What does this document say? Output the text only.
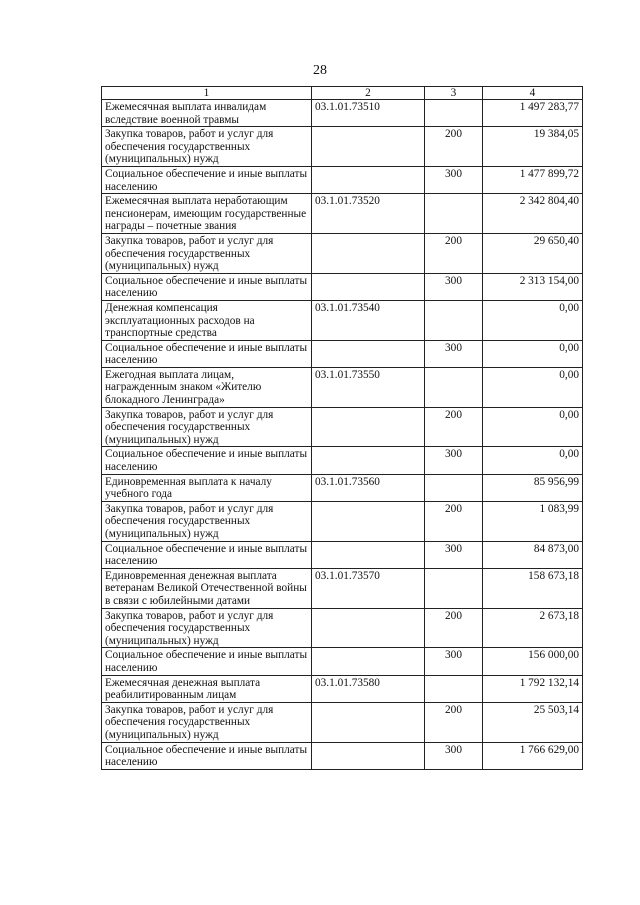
28
1	2	3	4
Ежемесячная выплата инвалидам вследствие военной травмы	03.1.01.73510		1 497 283,77
Закупка товаров, работ и услуг для обеспечения государственных (муниципальных) нужд		200	19 384,05
Социальное обеспечение и иные выплаты населению		300	1 477 899,72
Ежемесячная выплата неработающим пенсионерам, имеющим государственные награды – почетные звания	03.1.01.73520		2 342 804,40
Закупка товаров, работ и услуг для обеспечения государственных (муниципальных) нужд		200	29 650,40
Социальное обеспечение и иные выплаты населению		300	2 313 154,00
Денежная компенсация эксплуатационных расходов на транспортные средства	03.1.01.73540		0,00
Социальное обеспечение и иные выплаты населению		300	0,00
Ежегодная выплата лицам, награжденным знаком «Жителю блокадного Ленинграда»	03.1.01.73550		0,00
Закупка товаров, работ и услуг для обеспечения государственных (муниципальных) нужд		200	0,00
Социальное обеспечение и иные выплаты населению		300	0,00
Единовременная выплата к началу учебного года	03.1.01.73560		85 956,99
Закупка товаров, работ и услуг для обеспечения государственных (муниципальных) нужд		200	1 083,99
Социальное обеспечение и иные выплаты населению		300	84 873,00
Единовременная денежная выплата ветеранам Великой Отечественной войны в связи с юбилейными датами	03.1.01.73570		158 673,18
Закупка товаров, работ и услуг для обеспечения государственных (муниципальных) нужд		200	2 673,18
Социальное обеспечение и иные выплаты населению		300	156 000,00
Ежемесячная денежная выплата реабилитированным лицам	03.1.01.73580		1 792 132,14
Закупка товаров, работ и услуг для обеспечения государственных (муниципальных) нужд		200	25 503,14
Социальное обеспечение и иные выплаты населению		300	1 766 629,00
